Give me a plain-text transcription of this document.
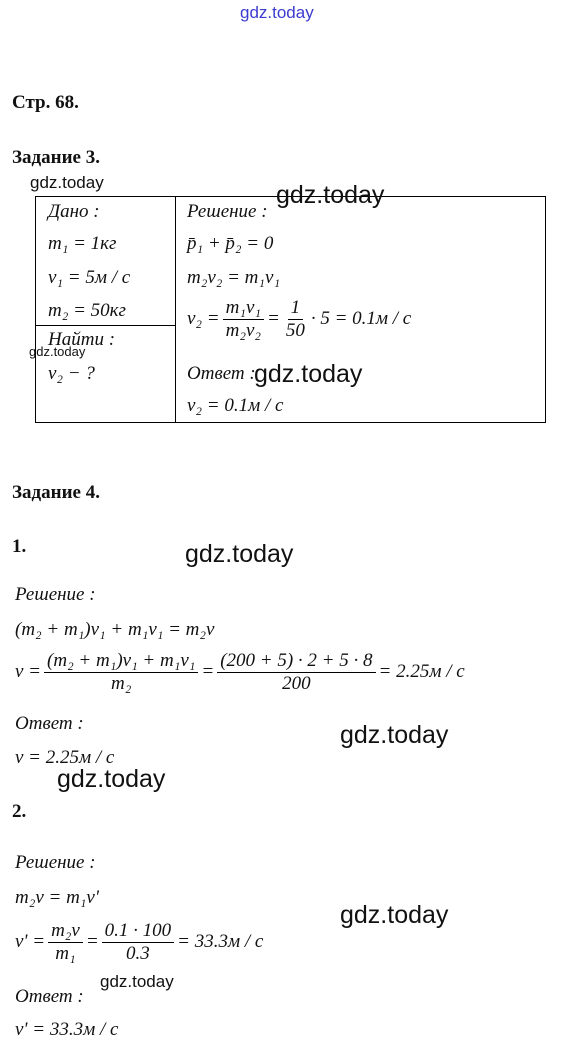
gdz.today
Стр. 68.
Задание 3.
gdz.today
Дано :
m₁ = 1кг
v₁ = 5м / с
m₂ = 50кг
Найти :
v₂ − ?
Решение :
p̄₁ + p̄₂ = 0
m₂v₂ = m₁v₁
$v_2 = \frac{\text{m₁v₁}}{\text{m₂v₂}} = \frac{1}{50} \cdot 5 = 0.1м / с$
Ответ :
v₂ = 0.1м / с
gdz.today
gdz.today
gdz.today
Задание 4.
1.	gdz.today
Решение :
(m₂ + m₁)v₁ + m₁v₁ = m₂v
$v = \frac{\text{(m₂ + m₁)v₁ + m₁v₁}}{\text{m₂}} = \frac{(200 + 5) \cdot 2 + 5 \cdot 8}{200} = 2.25м / с$
Ответ :	gdz.today
v = 2.25м / с
gdz.today
2.
Решение :
m₂v = m₁v'
gdz.today
$v' = \frac{\text{m₂v}}{\text{m₁}} = \frac{0.1 \cdot 100}{0.3} = 33.3м / с$
Ответ :
gdz.today
v' = 33.3м / с
